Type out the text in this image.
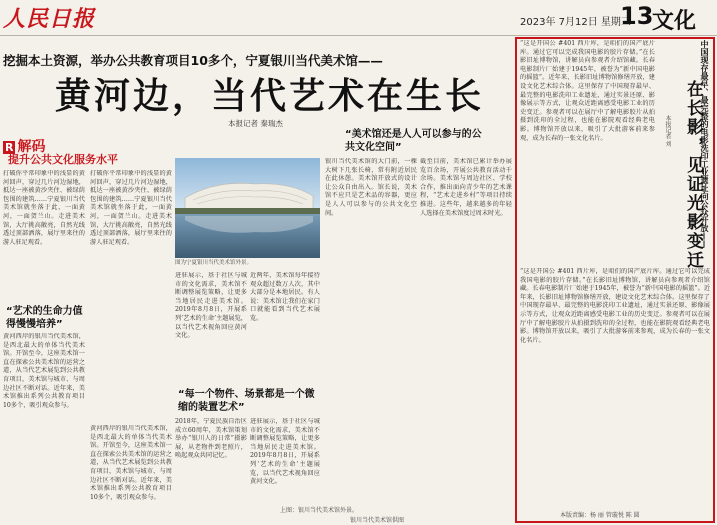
人民日报	2023年 7月12日 星期三
13
文化
挖掘本土资源，举办公共教育项目10多个，宁夏银川当代美术馆——
黄河边，当代艺术在生长
本报记者 秦瑞杰
R 解码
提升公共文化服务水平
打破你平常印象中的浅显的黄河回声，穿过几片河边湿地，抵达一座被黄沙夹住、被绿荫包围的建筑……宁夏银川当代美术馆就坐落于此，一面黄河，一面贺兰山。走进美术馆，大厅挑高敞亮，自然光线透过顶部洒落，展厅里来往的游人驻足观看。
“艺术的生命力值得慢慢培养”
黄河西岸的银川当代美术馆，是西北最大的单体当代美术馆。开馆至今，这座美术馆一直在探索公共美术馆的运营之道，从当代艺术展览到公共教育项目，美术馆与城市、与周边社区不断对话。近年来，美术馆推出系列公共教育项目10多个，吸引观众参与。
打破你平常印象中的浅显的黄河回声，穿过几片河边湿地，抵达一座被黄沙夹住、被绿荫包围的建筑……宁夏银川当代美术馆就坐落于此，一面黄河，一面贺兰山。走进美术馆，大厅挑高敞亮，自然光线透过顶部洒落，展厅里来往的游人驻足观看。
黄河西岸的银川当代美术馆，是西北最大的单体当代美术馆。开馆至今，这座美术馆一直在探索公共美术馆的运营之道，从当代艺术展览到公共教育项目，美术馆与城市、与周边社区不断对话。近年来，美术馆推出系列公共教育项目10多个，吸引观众参与。
图为宁夏银川当代美术馆外景。
进驻展示，基于社区与城市的文化需求，美术馆不断调整展览策略，让更多当地居民走进美术馆。2019年8月8日，开展系列‘艺术的生命’主题展览，以当代艺术视角回应黄河文化。
“每一个物件、场景都是一个微缩的装置艺术”
2018年，宁夏民族自治区成立60周年，美术馆策划举办“银川人的日常”摄影展，从老物件到老照片，唤起观众共同记忆。
近两年，美术馆每年接待观众超过数万人次，其中大部分是本地居民。有人说：美术馆让我们在家门口就能看到当代艺术展览。
进驻展示，基于社区与城市的文化需求，美术馆不断调整展览策略，让更多当地居民走进美术馆。2019年8月8日，开展系列‘艺术的生命’主题展览，以当代艺术视角回应黄河文化。
“美术馆还是人人可以参与的公共文化空间”
银川当代美术馆的大门前，一棵大树下几张长椅，常有附近居民在此休憩。美术馆开放式的设计让公众自由出入。馆长说，美术馆不应只是艺术品的容器，更应是人人可以参与的公共文化空间。
截至目前，美术馆已累计举办展览百余场，开展公共教育活动千余场。美术馆与周边社区、学校合作，推出面向青少年的艺术课程，“艺术走进乡村”等项目持续推进。这些年，越来越多的年轻人选择在美术馆度过周末时光。
上图：银川当代美术馆外景。
银川当代美术馆供图
中国现存最早、最完整的电影洗印工业遗址向公众开放——
在长影，见证光影变迁
本报记者 刘
“这是开国公 #401 西片库，是咱们的国产底片库。通过它可以完成我国电影的胶片存储。”在长影旧址博物馆，讲解员向参观者介绍馆藏。长春电影制片厂始建于1945年，被誉为“新中国电影的摇篮”。近年来，长影旧址博物馆修缮开放，建设文化艺术综合体。这里保存了中国现存最早、最完整的电影洗印工业遗址，通过实景还原、影像展示等方式，让观众近距离感受电影工业的历史变迁。参观者可以在展厅中了解电影胶片从拍摄到洗印的全过程，也能在影院观看经典老电影。博物馆开放以来，吸引了大批游客前来参观，成为长春的一张文化名片。
“这是开国公 #401 西片库，是咱们的国产底片库。通过它可以完成我国电影的胶片存储。”在长影旧址博物馆，讲解员向参观者介绍馆藏。长春电影制片厂始建于1945年，被誉为“新中国电影的摇篮”。近年来，长影旧址博物馆修缮开放，建设文化艺术综合体。这里保存了中国现存最早、最完整的电影洗印工业遗址，通过实景还原、影像展示等方式，让观众近距离感受电影工业的历史变迁。参观者可以在展厅中了解电影胶片从拍摄到洗印的全过程，也能在影院观看经典老电影。博物馆开放以来，吸引了大批游客前来参观，成为长春的一张文化名片。
本版责编：杨 丽 管璇悦 陈 圆
